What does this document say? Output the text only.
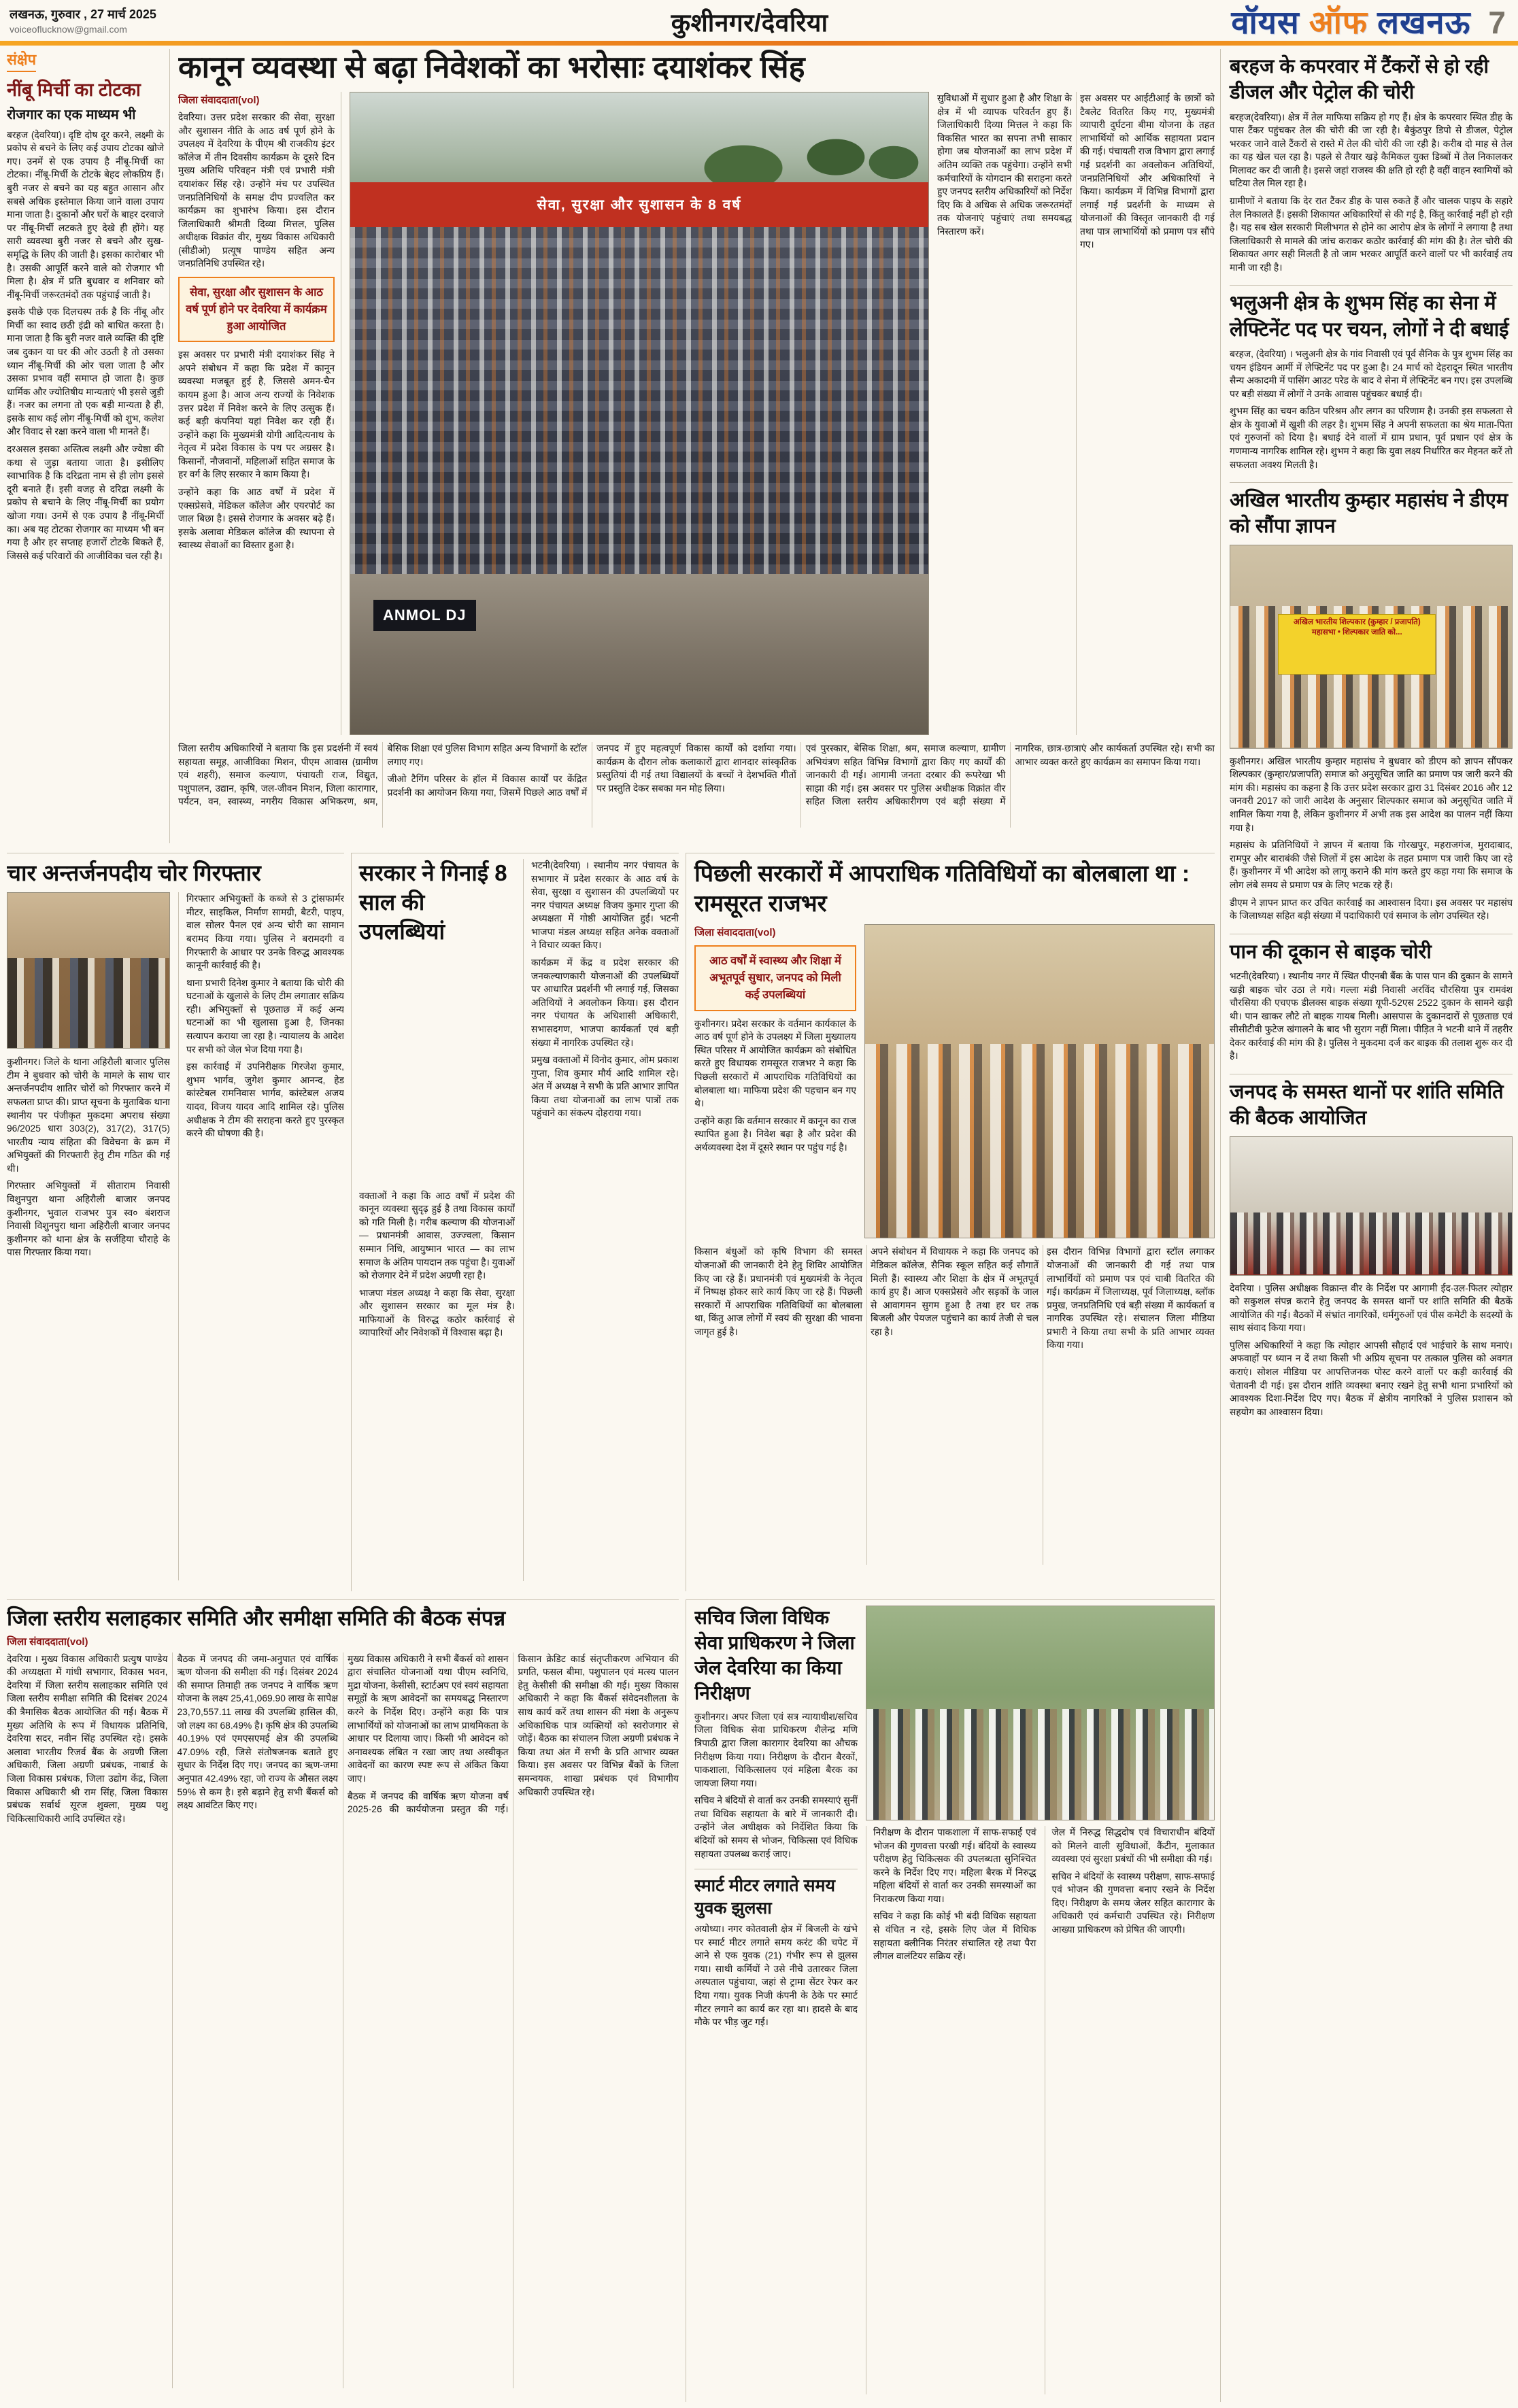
लखनऊ, गुरुवार , 27 मार्च 2025
voiceoflucknow@gmail.com	कुशीनगर/देवरिया	वॉयस ऑफ लखनऊ 7
संक्षेप
नींबू मिर्ची का टोटका
रोजगार का एक माध्यम भी

बरहज (देवरिया)। दृष्टि दोष दूर करने, लक्ष्मी के प्रकोप से बचने के लिए कई उपाय टोटका खोजे गए। उनमें से एक उपाय है नींबू-मिर्ची का टोटका। नींबू-मिर्ची के टोटके बेहद लोकप्रिय हैं। बुरी नजर से बचने का यह बहुत आसान और सबसे अधिक इस्तेमाल किया जाने वाला उपाय माना जाता है। दुकानों और घरों के बाहर दरवाजे पर नींबू-मिर्ची लटकते हुए देखे ही होंगे। यह सारी व्यवस्था बुरी नजर से बचने और सुख-समृद्धि के लिए की जाती है। इसका कारोबार भी है। उसकी आपूर्ति करने वाले को रोजगार भी मिला है। क्षेत्र में प्रति बुधवार व शनिवार को नींबू-मिर्ची जरूरतमंदों तक पहुंचाई जाती है।

इसके पीछे एक दिलचस्प तर्क है कि नींबू और मिर्ची का स्वाद छठी इंद्री को बाधित करता है। माना जाता है कि बुरी नजर वाले व्यक्ति की दृष्टि जब दुकान या घर की ओर उठती है तो उसका ध्यान नींबू-मिर्ची की ओर चला जाता है और उसका प्रभाव वहीं समाप्त हो जाता है। कुछ धार्मिक और ज्योतिषीय मान्यताएं भी इससे जुड़ी हैं। नजर का लगना तो एक बड़ी मान्यता है ही, इसके साथ कई लोग नींबू-मिर्ची को शुभ, कलेश और विवाद से रक्षा करने वाला भी मानते हैं।

दरअसल इसका अस्तित्व लक्ष्मी और ज्येष्ठा की कथा से जुड़ा बताया जाता है। इसीलिए स्वाभाविक है कि दरिद्रता नाम से ही लोग इससे दूरी बनाते हैं। इसी वजह से दरिद्रा लक्ष्मी के प्रकोप से बचाने के लिए नींबू-मिर्ची का प्रयोग खोजा गया। उनमें से एक उपाय है नींबू-मिर्ची का। अब यह टोटका रोजगार का माध्यम भी बन गया है और हर सप्ताह हजारों टोटके बिकते हैं, जिससे कई परिवारों की आजीविका चल रही है।

कानून व्यवस्था से बढ़ा निवेशकों का भरोसाः दयाशंकर सिंह
जिला संवाददाता(vol)

देवरिया। उत्तर प्रदेश सरकार की सेवा, सुरक्षा और सुशासन नीति के आठ वर्ष पूर्ण होने के उपलक्ष्य में देवरिया के पीएम श्री राजकीय इंटर कॉलेज में तीन दिवसीय कार्यक्रम के दूसरे दिन मुख्य अतिथि परिवहन मंत्री एवं प्रभारी मंत्री दयाशंकर सिंह रहे। उन्होंने मंच पर उपस्थित जनप्रतिनिधियों के समक्ष दीप प्रज्वलित कर कार्यक्रम का शुभारंभ किया। इस दौरान जिलाधिकारी श्रीमती दिव्या मित्तल, पुलिस अधीक्षक विक्रांत वीर, मुख्य विकास अधिकारी (सीडीओ) प्रत्यूष पाण्डेय सहित अन्य जनप्रतिनिधि उपस्थित रहे।

सेवा, सुरक्षा और सुशासन के आठ वर्ष पूर्ण होने पर देवरिया में कार्यक्रम हुआ आयोजित

इस अवसर पर प्रभारी मंत्री दयाशंकर सिंह ने अपने संबोधन में कहा कि प्रदेश में कानून व्यवस्था मजबूत हुई है, जिससे अमन-चैन कायम हुआ है। आज अन्य राज्यों के निवेशक उत्तर प्रदेश में निवेश करने के लिए उत्सुक हैं। कई बड़ी कंपनियां यहां निवेश कर रही हैं। उन्होंने कहा कि मुख्यमंत्री योगी आदित्यनाथ के नेतृत्व में प्रदेश विकास के पथ पर अग्रसर है। किसानों, नौजवानों, महिलाओं सहित समाज के हर वर्ग के लिए सरकार ने काम किया है।

उन्होंने कहा कि आठ वर्षों में प्रदेश में एक्सप्रेसवे, मेडिकल कॉलेज और एयरपोर्ट का जाल बिछा है। इससे रोजगार के अवसर बढ़े हैं। इसके अलावा मेडिकल कॉलेज की स्थापना से स्वास्थ्य सेवाओं का विस्तार हुआ है।

सेवा, सुरक्षा और सुशासन के 8 वर्ष
ANMOL DJ

सुविधाओं में सुधार हुआ है और शिक्षा के क्षेत्र में भी व्यापक परिवर्तन हुए हैं। जिलाधिकारी दिव्या मित्तल ने कहा कि विकसित भारत का सपना तभी साकार होगा जब योजनाओं का लाभ प्रदेश में अंतिम व्यक्ति तक पहुंचेगा। उन्होंने सभी कर्मचारियों के योगदान की सराहना करते हुए जनपद स्तरीय अधिकारियों को निर्देश दिए कि वे अधिक से अधिक जरूरतमंदों तक योजनाएं पहुंचाएं तथा समयबद्ध निस्तारण करें।

इस अवसर पर आईटीआई के छात्रों को टैबलेट वितरित किए गए, मुख्यमंत्री व्यापारी दुर्घटना बीमा योजना के तहत लाभार्थियों को आर्थिक सहायता प्रदान की गई। पंचायती राज विभाग द्वारा लगाई गई प्रदर्शनी का अवलोकन अतिथियों, जनप्रतिनिधियों और अधिकारियों ने किया। कार्यक्रम में विभिन्न विभागों द्वारा लगाई गई प्रदर्शनी के माध्यम से योजनाओं की विस्तृत जानकारी दी गई तथा पात्र लाभार्थियों को प्रमाण पत्र सौंपे गए।

जिला स्तरीय अधिकारियों ने बताया कि इस प्रदर्शनी में स्वयं सहायता समूह, आजीविका मिशन, पीएम आवास (ग्रामीण एवं शहरी), समाज कल्याण, पंचायती राज, विद्युत, पशुपालन, उद्यान, कृषि, जल-जीवन मिशन, जिला कारागार, पर्यटन, वन, स्वास्थ्य, नगरीय विकास अभिकरण, श्रम, बेसिक शिक्षा एवं पुलिस विभाग सहित अन्य विभागों के स्टॉल लगाए गए।

जीओ टैगिंग परिसर के हॉल में विकास कार्यों पर केंद्रित प्रदर्शनी का आयोजन किया गया, जिसमें पिछले आठ वर्षों में जनपद में हुए महत्वपूर्ण विकास कार्यों को दर्शाया गया। कार्यक्रम के दौरान लोक कलाकारों द्वारा शानदार सांस्कृतिक प्रस्तुतियां दी गईं तथा विद्यालयों के बच्चों ने देशभक्ति गीतों पर प्रस्तुति देकर सबका मन मोह लिया।

एवं पुरस्कार, बेसिक शिक्षा, श्रम, समाज कल्याण, ग्रामीण अभियंत्रण सहित विभिन्न विभागों द्वारा किए गए कार्यों की जानकारी दी गई। आगामी जनता दरबार की रूपरेखा भी साझा की गई। इस अवसर पर पुलिस अधीक्षक विक्रांत वीर सहित जिला स्तरीय अधिकारीगण एवं बड़ी संख्या में नागरिक, छात्र-छात्राएं और कार्यकर्ता उपस्थित रहे। सभी का आभार व्यक्त करते हुए कार्यक्रम का समापन किया गया।

चार अन्तर्जनपदीय चोर गिरफ्तार

कुशीनगर। जिले के थाना अहिरौली बाजार पुलिस टीम ने बुधवार को चोरी के मामले के साथ चार अन्तर्जनपदीय शातिर चोरों को गिरफ्तार करने में सफलता प्राप्त की। प्राप्त सूचना के मुताबिक थाना स्थानीय पर पंजीकृत मुकदमा अपराध संख्या 96/2025 धारा 303(2), 317(2), 317(5) भारतीय न्याय संहिता की विवेचना के क्रम में अभियुक्तों की गिरफ्तारी हेतु टीम गठित की गई थी।

गिरफ्तार अभियुक्तों में सीताराम निवासी विशुनपुरा थाना अहिरौली बाजार जनपद कुशीनगर, भुवाल राजभर पुत्र स्व० बंशराज निवासी विशुनपुरा थाना अहिरौली बाजार जनपद कुशीनगर को थाना क्षेत्र के सर्जहिया चौराहे के पास गिरफ्तार किया गया।

गिरफ्तार अभियुक्तों के कब्जे से 3 ट्रांसफार्मर मीटर, साइकिल, निर्माण सामग्री, बैटरी, पाइप, वाल सोलर पैनल एवं अन्य चोरी का सामान बरामद किया गया। पुलिस ने बरामदगी व गिरफ्तारी के आधार पर उनके विरुद्ध आवश्यक कानूनी कार्रवाई की है।

थाना प्रभारी दिनेश कुमार ने बताया कि चोरी की घटनाओं के खुलासे के लिए टीम लगातार सक्रिय रही। अभियुक्तों से पूछताछ में कई अन्य घटनाओं का भी खुलासा हुआ है, जिनका सत्यापन कराया जा रहा है। न्यायालय के आदेश पर सभी को जेल भेज दिया गया है।

इस कार्रवाई में उपनिरीक्षक गिरजेश कुमार, शुभम भार्गव, जुगेश कुमार आनन्द, हेड कांस्टेबल रामनिवास भार्गव, कांस्टेबल अजय यादव, विजय यादव आदि शामिल रहे। पुलिस अधीक्षक ने टीम की सराहना करते हुए पुरस्कृत करने की घोषणा की है।

सरकार ने गिनाई 8 साल की उपलब्धियां

वक्ताओं ने कहा कि आठ वर्षों में प्रदेश की कानून व्यवस्था सुदृढ़ हुई है तथा विकास कार्यों को गति मिली है। गरीब कल्याण की योजनाओं — प्रधानमंत्री आवास, उज्ज्वला, किसान सम्मान निधि, आयुष्मान भारत — का लाभ समाज के अंतिम पायदान तक पहुंचा है। युवाओं को रोजगार देने में प्रदेश अग्रणी रहा है।

भाजपा मंडल अध्यक्ष ने कहा कि सेवा, सुरक्षा और सुशासन सरकार का मूल मंत्र है। माफियाओं के विरुद्ध कठोर कार्रवाई से व्यापारियों और निवेशकों में विश्वास बढ़ा है।

भटनी(देवरिया) । स्थानीय नगर पंचायत के सभागार में प्रदेश सरकार के आठ वर्ष के सेवा, सुरक्षा व सुशासन की उपलब्धियों पर नगर पंचायत अध्यक्ष विजय कुमार गुप्ता की अध्यक्षता में गोष्ठी आयोजित हुई। भटनी भाजपा मंडल अध्यक्ष सहित अनेक वक्ताओं ने विचार व्यक्त किए।

कार्यक्रम में केंद्र व प्रदेश सरकार की जनकल्याणकारी योजनाओं की उपलब्धियों पर आधारित प्रदर्शनी भी लगाई गई, जिसका अतिथियों ने अवलोकन किया। इस दौरान नगर पंचायत के अधिशासी अधिकारी, सभासदगण, भाजपा कार्यकर्ता एवं बड़ी संख्या में नागरिक उपस्थित रहे।

प्रमुख वक्ताओं में विनोद कुमार, ओम प्रकाश गुप्ता, शिव कुमार मौर्य आदि शामिल रहे। अंत में अध्यक्ष ने सभी के प्रति आभार ज्ञापित किया तथा योजनाओं का लाभ पात्रों तक पहुंचाने का संकल्प दोहराया गया।

पिछली सरकारों में आपराधिक गतिविधियों का बोलबाला था : रामसूरत राजभर
जिला संवाददाता(vol)
आठ वर्षों में स्वास्थ्य और शिक्षा में अभूतपूर्व सुधार, जनपद को मिली कई उपलब्धियां

कुशीनगर। प्रदेश सरकार के वर्तमान कार्यकाल के आठ वर्ष पूर्ण होने के उपलक्ष्य में जिला मुख्यालय स्थित परिसर में आयोजित कार्यक्रम को संबोधित करते हुए विधायक रामसूरत राजभर ने कहा कि पिछली सरकारों में आपराधिक गतिविधियों का बोलबाला था। माफिया प्रदेश की पहचान बन गए थे।

उन्होंने कहा कि वर्तमान सरकार में कानून का राज स्थापित हुआ है। निवेश बढ़ा है और प्रदेश की अर्थव्यवस्था देश में दूसरे स्थान पर पहुंच गई है।

किसान बंधुओं को कृषि विभाग की समस्त योजनाओं की जानकारी देने हेतु शिविर आयोजित किए जा रहे हैं। प्रधानमंत्री एवं मुख्यमंत्री के नेतृत्व में निष्पक्ष होकर सारे कार्य किए जा रहे हैं। पिछली सरकारों में आपराधिक गतिविधियों का बोलबाला था, किंतु आज लोगों में स्वयं की सुरक्षा की भावना जागृत हुई है।

अपने संबोधन में विधायक ने कहा कि जनपद को मेडिकल कॉलेज, सैनिक स्कूल सहित कई सौगातें मिली हैं। स्वास्थ्य और शिक्षा के क्षेत्र में अभूतपूर्व कार्य हुए हैं। आज एक्सप्रेसवे और सड़कों के जाल से आवागमन सुगम हुआ है तथा हर घर तक बिजली और पेयजल पहुंचाने का कार्य तेजी से चल रहा है।

इस दौरान विभिन्न विभागों द्वारा स्टॉल लगाकर योजनाओं की जानकारी दी गई तथा पात्र लाभार्थियों को प्रमाण पत्र एवं चाबी वितरित की गई। कार्यक्रम में जिलाध्यक्ष, पूर्व जिलाध्यक्ष, ब्लॉक प्रमुख, जनप्रतिनिधि एवं बड़ी संख्या में कार्यकर्ता व नागरिक उपस्थित रहे। संचालन जिला मीडिया प्रभारी ने किया तथा सभी के प्रति आभार व्यक्त किया गया।

जिला स्तरीय सलाहकार समिति और समीक्षा समिति की बैठक संपन्न
जिला संवाददाता(vol)

देवरिया । मुख्य विकास अधिकारी प्रत्युष पाण्डेय की अध्यक्षता में गांधी सभागार, विकास भवन, देवरिया में जिला स्तरीय सलाहकार समिति एवं जिला स्तरीय समीक्षा समिति की दिसंबर 2024 की त्रैमासिक बैठक आयोजित की गई। बैठक में मुख्य अतिथि के रूप में विधायक प्रतिनिधि, देवरिया सदर, नवीन सिंह उपस्थित रहे। इसके अलावा भारतीय रिजर्व बैंक के अग्रणी जिला अधिकारी, जिला अग्रणी प्रबंधक, नाबार्ड के जिला विकास प्रबंधक, जिला उद्योग केंद्र, जिला विकास अधिकारी श्री राम सिंह, जिला विकास प्रबंधक सर्वार्थ सूरज शुक्ला, मुख्य पशु चिकित्साधिकारी आदि उपस्थित रहे।

बैठक में जनपद की जमा-अनुपात एवं वार्षिक ऋण योजना की समीक्षा की गई। दिसंबर 2024 की समाप्त तिमाही तक जनपद ने वार्षिक ऋण योजना के लक्ष्य 25,41,069.90 लाख के सापेक्ष 23,70,557.11 लाख की उपलब्धि हासिल की, जो लक्ष्य का 68.49% है। कृषि क्षेत्र की उपलब्धि 40.19% एवं एमएसएमई क्षेत्र की उपलब्धि 47.09% रही, जिसे संतोषजनक बताते हुए सुधार के निर्देश दिए गए। जनपद का ऋण-जमा अनुपात 42.49% रहा, जो राज्य के औसत लक्ष्य 59% से कम है। इसे बढ़ाने हेतु सभी बैंकर्स को लक्ष्य आवंटित किए गए।

मुख्य विकास अधिकारी ने सभी बैंकर्स को शासन द्वारा संचालित योजनाओं यथा पीएम स्वनिधि, मुद्रा योजना, केसीसी, स्टार्टअप एवं स्वयं सहायता समूहों के ऋण आवेदनों का समयबद्ध निस्तारण करने के निर्देश दिए। उन्होंने कहा कि पात्र लाभार्थियों को योजनाओं का लाभ प्राथमिकता के आधार पर दिलाया जाए। किसी भी आवेदन को अनावश्यक लंबित न रखा जाए तथा अस्वीकृत आवेदनों का कारण स्पष्ट रूप से अंकित किया जाए।

बैठक में जनपद की वार्षिक ऋण योजना वर्ष 2025-26 की कार्ययोजना प्रस्तुत की गई। किसान क्रेडिट कार्ड संतृप्तीकरण अभियान की प्रगति, फसल बीमा, पशुपालन एवं मत्स्य पालन हेतु केसीसी की समीक्षा की गई। मुख्य विकास अधिकारी ने कहा कि बैंकर्स संवेदनशीलता के साथ कार्य करें तथा शासन की मंशा के अनुरूप अधिकाधिक पात्र व्यक्तियों को स्वरोजगार से जोड़ें। बैठक का संचालन जिला अग्रणी प्रबंधक ने किया तथा अंत में सभी के प्रति आभार व्यक्त किया। इस अवसर पर विभिन्न बैंकों के जिला समन्वयक, शाखा प्रबंधक एवं विभागीय अधिकारी उपस्थित रहे।

सचिव जिला विधिक सेवा प्राधिकरण ने जिला जेल देवरिया का किया निरीक्षण

कुशीनगर। अपर जिला एवं सत्र न्यायाधीश/सचिव जिला विधिक सेवा प्राधिकरण शैलेन्द्र मणि त्रिपाठी द्वारा जिला कारागार देवरिया का औचक निरीक्षण किया गया। निरीक्षण के दौरान बैरकों, पाकशाला, चिकित्सालय एवं महिला बैरक का जायजा लिया गया।

सचिव ने बंदियों से वार्ता कर उनकी समस्याएं सुनीं तथा विधिक सहायता के बारे में जानकारी दी। उन्होंने जेल अधीक्षक को निर्देशित किया कि बंदियों को समय से भोजन, चिकित्सा एवं विधिक सहायता उपलब्ध कराई जाए।

स्मार्ट मीटर लगाते समय युवक झुलसा

अयोध्या। नगर कोतवाली क्षेत्र में बिजली के खंभे पर स्मार्ट मीटर लगाते समय करंट की चपेट में आने से एक युवक (21) गंभीर रूप से झुलस गया। साथी कर्मियों ने उसे नीचे उतारकर जिला अस्पताल पहुंचाया, जहां से ट्रामा सेंटर रेफर कर दिया गया। युवक निजी कंपनी के ठेके पर स्मार्ट मीटर लगाने का कार्य कर रहा था। हादसे के बाद मौके पर भीड़ जुट गई।

निरीक्षण के दौरान पाकशाला में साफ-सफाई एवं भोजन की गुणवत्ता परखी गई। बंदियों के स्वास्थ्य परीक्षण हेतु चिकित्सक की उपलब्धता सुनिश्चित करने के निर्देश दिए गए। महिला बैरक में निरुद्ध महिला बंदियों से वार्ता कर उनकी समस्याओं का निराकरण किया गया।

सचिव ने कहा कि कोई भी बंदी विधिक सहायता से वंचित न रहे, इसके लिए जेल में विधिक सहायता क्लीनिक निरंतर संचालित रहे तथा पैरा लीगल वालंटियर सक्रिय रहें।

जेल में निरुद्ध सिद्धदोष एवं विचाराधीन बंदियों को मिलने वाली सुविधाओं, कैंटीन, मुलाकात व्यवस्था एवं सुरक्षा प्रबंधों की भी समीक्षा की गई।

सचिव ने बंदियों के स्वास्थ्य परीक्षण, साफ-सफाई एवं भोजन की गुणवत्ता बनाए रखने के निर्देश दिए। निरीक्षण के समय जेलर सहित कारागार के अधिकारी एवं कर्मचारी उपस्थित रहे। निरीक्षण आख्या प्राधिकरण को प्रेषित की जाएगी।

बरहज के कपरवार में टैंकरों से हो रही डीजल और पेट्रोल की चोरी

बरहज(देवरिया)। क्षेत्र में तेल माफिया सक्रिय हो गए हैं। क्षेत्र के कपरवार स्थित डीह के पास टैंकर पहुंचकर तेल की चोरी की जा रही है। बैकुंठपुर डिपो से डीजल, पेट्रोल भरकर जाने वाले टैंकरों से रास्ते में तेल की चोरी की जा रही है। करीब दो माह से तेल का यह खेल चल रहा है। पहले से तैयार खड़े कैमिकल युक्त डिब्बों में तेल निकालकर मिलावट कर दी जाती है। इससे जहां राजस्व की क्षति हो रही है वहीं वाहन स्वामियों को घटिया तेल मिल रहा है।

ग्रामीणों ने बताया कि देर रात टैंकर डीह के पास रुकते हैं और चालक पाइप के सहारे तेल निकालते हैं। इसकी शिकायत अधिकारियों से की गई है, किंतु कार्रवाई नहीं हो रही है। यह सब खेल सरकारी मिलीभगत से होने का आरोप क्षेत्र के लोगों ने लगाया है तथा जिलाधिकारी से मामले की जांच कराकर कठोर कार्रवाई की मांग की है। तेल चोरी की शिकायत अगर सही मिलती है तो जाम भरकर आपूर्ति करने वालों पर भी कार्रवाई तय मानी जा रही है।

भलुअनी क्षेत्र के शुभम सिंह का सेना में लेफ्टिनेंट पद पर चयन, लोगों ने दी बधाई

बरहज, (देवरिया) । भलुअनी क्षेत्र के गांव निवासी एवं पूर्व सैनिक के पुत्र शुभम सिंह का चयन इंडियन आर्मी में लेफ्टिनेंट पद पर हुआ है। 24 मार्च को देहरादून स्थित भारतीय सैन्य अकादमी में पासिंग आउट परेड के बाद वे सेना में लेफ्टिनेंट बन गए। इस उपलब्धि पर बड़ी संख्या में लोगों ने उनके आवास पहुंचकर बधाई दी।

शुभम सिंह का चयन कठिन परिश्रम और लगन का परिणाम है। उनकी इस सफलता से क्षेत्र के युवाओं में खुशी की लहर है। शुभम सिंह ने अपनी सफलता का श्रेय माता-पिता एवं गुरुजनों को दिया है। बधाई देने वालों में ग्राम प्रधान, पूर्व प्रधान एवं क्षेत्र के गणमान्य नागरिक शामिल रहे। शुभम ने कहा कि युवा लक्ष्य निर्धारित कर मेहनत करें तो सफलता अवश्य मिलती है।

अखिल भारतीय कुम्हार महासंघ ने डीएम को सौंपा ज्ञापन
अखिल भारतीय शिल्पकार (कुम्हार / प्रजापति) महासभा • शिल्पकार जाति को...

कुशीनगर। अखिल भारतीय कुम्हार महासंघ ने बुधवार को डीएम को ज्ञापन सौंपकर शिल्पकार (कुम्हार/प्रजापति) समाज को अनुसूचित जाति का प्रमाण पत्र जारी करने की मांग की। महासंघ का कहना है कि उत्तर प्रदेश सरकार द्वारा 31 दिसंबर 2016 और 12 जनवरी 2017 को जारी आदेश के अनुसार शिल्पकार समाज को अनुसूचित जाति में शामिल किया गया है, लेकिन कुशीनगर में अभी तक इस आदेश का पालन नहीं किया गया है।

महासंघ के प्रतिनिधियों ने ज्ञापन में बताया कि गोरखपुर, महराजगंज, मुरादाबाद, रामपुर और बाराबंकी जैसे जिलों में इस आदेश के तहत प्रमाण पत्र जारी किए जा रहे हैं। कुशीनगर में भी आदेश को लागू कराने की मांग करते हुए कहा गया कि समाज के लोग लंबे समय से प्रमाण पत्र के लिए भटक रहे हैं।

डीएम ने ज्ञापन प्राप्त कर उचित कार्रवाई का आश्वासन दिया। इस अवसर पर महासंघ के जिलाध्यक्ष सहित बड़ी संख्या में पदाधिकारी एवं समाज के लोग उपस्थित रहे।

पान की दूकान से बाइक चोरी

भटनी(देवरिया) । स्थानीय नगर में स्थित पीएनबी बैंक के पास पान की दुकान के सामने खड़ी बाइक चोर उठा ले गये। गल्ला मंडी निवासी अरविंद चौरसिया पुत्र रामवंश चौरसिया की एचएफ डीलक्स बाइक संख्या यूपी-52एस 2522 दुकान के सामने खड़ी थी। पान खाकर लौटे तो बाइक गायब मिली। आसपास के दुकानदारों से पूछताछ एवं सीसीटीवी फुटेज खंगालने के बाद भी सुराग नहीं मिला। पीड़ित ने भटनी थाने में तहरीर देकर कार्रवाई की मांग की है। पुलिस ने मुकदमा दर्ज कर बाइक की तलाश शुरू कर दी है।

जनपद के समस्त थानों पर शांति समिति की बैठक आयोजित

देवरिया । पुलिस अधीक्षक विक्रान्त वीर के निर्देश पर आगामी ईद-उल-फितर त्योहार को सकुशल संपन्न कराने हेतु जनपद के समस्त थानों पर शांति समिति की बैठकें आयोजित की गईं। बैठकों में संभ्रांत नागरिकों, धर्मगुरुओं एवं पीस कमेटी के सदस्यों के साथ संवाद किया गया।

पुलिस अधिकारियों ने कहा कि त्योहार आपसी सौहार्द एवं भाईचारे के साथ मनाएं। अफवाहों पर ध्यान न दें तथा किसी भी अप्रिय सूचना पर तत्काल पुलिस को अवगत कराएं। सोशल मीडिया पर आपत्तिजनक पोस्ट करने वालों पर कड़ी कार्रवाई की चेतावनी दी गई। इस दौरान शांति व्यवस्था बनाए रखने हेतु सभी थाना प्रभारियों को आवश्यक दिशा-निर्देश दिए गए। बैठक में क्षेत्रीय नागरिकों ने पुलिस प्रशासन को सहयोग का आश्वासन दिया।
